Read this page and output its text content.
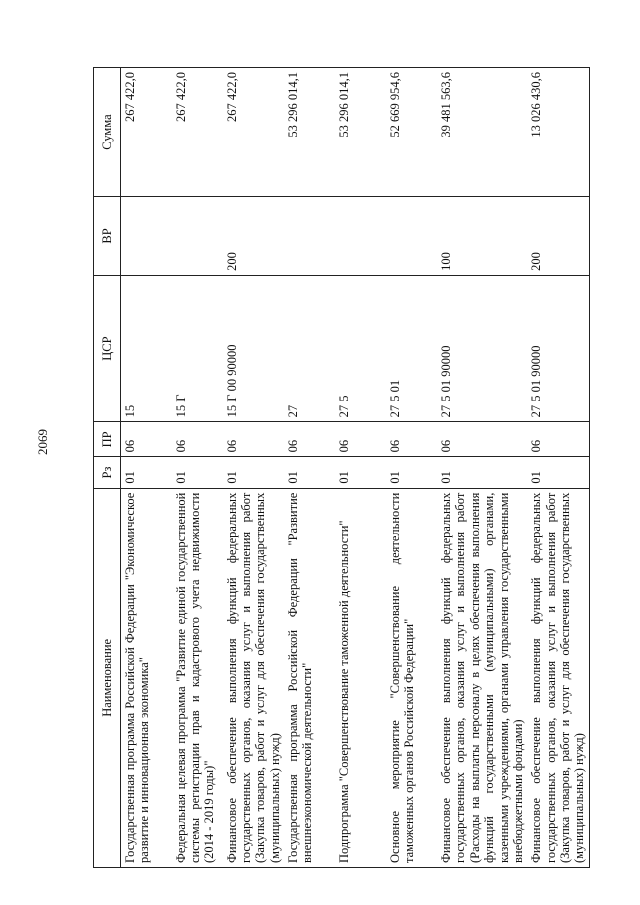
2069
Наименование	Рз	ПР	ЦСР	ВР	Сумма
Государственная программа Российской Федерации "Экономическое развитие и инновационная экономика"	01	06	15		267 422,0
Федеральная целевая программа "Развитие единой государственной системы регистрации прав и кадастрового учета недвижимости (2014 - 2019 годы)"	01	06	15 Г		267 422,0
Финансовое обеспечение выполнения функций федеральных государственных органов, оказания услуг и выполнения работ (Закупка товаров, работ и услуг для обеспечения государственных (муниципальных) нужд)	01	06	15 Г 00 90000	200	267 422,0
Государственная программа Российской Федерации "Развитие внешнеэкономической деятельности"	01	06	27		53 296 014,1
Подпрограмма "Совершенствование таможенной деятельности"	01	06	27 5		53 296 014,1
Основное мероприятие "Совершенствование деятельности таможенных органов Российской Федерации"	01	06	27 5 01		52 669 954,6
Финансовое обеспечение выполнения функций федеральных государственных органов, оказания услуг и выполнения работ (Расходы на выплаты персоналу в целях обеспечения выполнения функций государственными (муниципальными) органами, казенными учреждениями, органами управления государственными внебюджетными фондами)	01	06	27 5 01 90000	100	39 481 563,6
Финансовое обеспечение выполнения функций федеральных государственных органов, оказания услуг и выполнения работ (Закупка товаров, работ и услуг для обеспечения государственных (муниципальных) нужд)	01	06	27 5 01 90000	200	13 026 430,6
